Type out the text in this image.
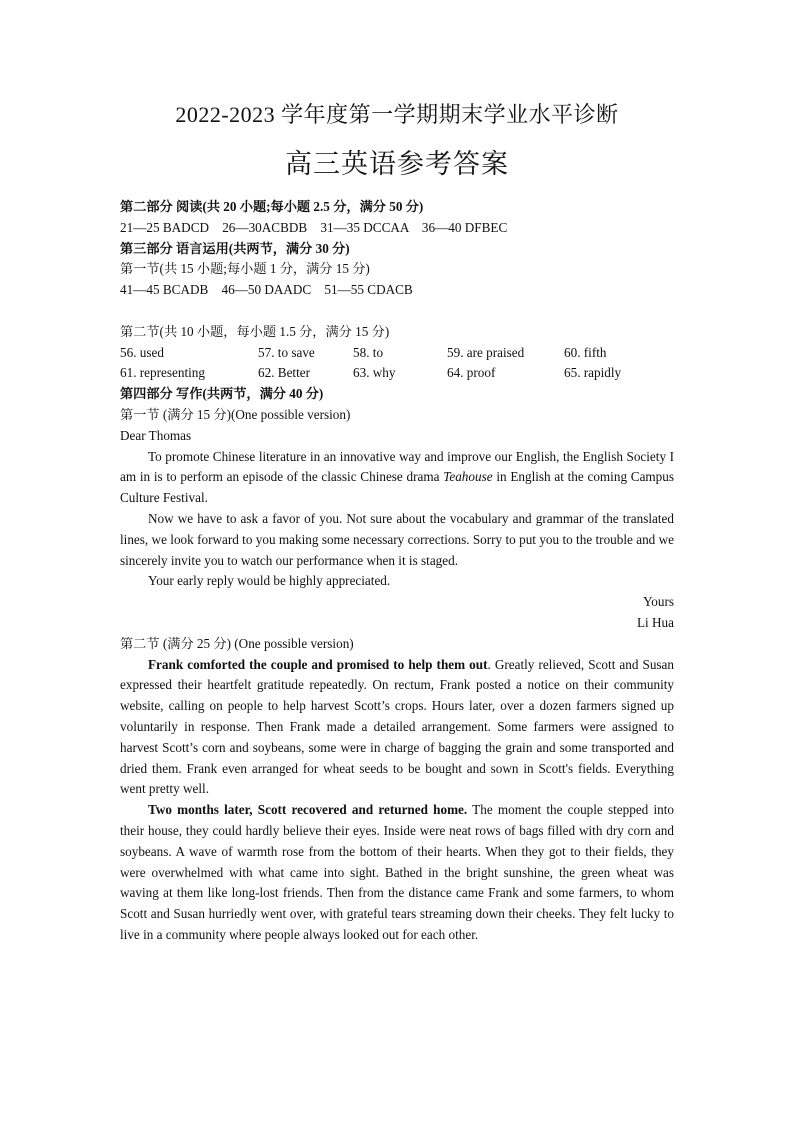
2022-2023 学年度第一学期期末学业水平诊断
高三英语参考答案
第二部分 阅读(共 20 小题;每小题 2.5 分，满分 50 分)
21—25 BADCD    26—30ACBDB    31—35 DCCAA    36—40 DFBEC
第三部分 语言运用(共两节，满分 30 分)
第一节(共 15 小题;每小题 1 分，满分 15 分)
41—45 BCADB    46—50 DAADC    51—55 CDACB
第二节(共 10 小题，每小题 1.5 分，满分 15 分)
56. used	57. to save	58. to	59. are praised	60. fifth
61. representing	62. Better	63. why	64. proof	65. rapidly
第四部分 写作(共两节，满分 40 分)
第一节 (满分 15 分)(One possible version)
Dear Thomas

To promote Chinese literature in an innovative way and improve our English, the English Society I am in is to perform an episode of the classic Chinese drama Teahouse in English at the coming Campus Culture Festival.

Now we have to ask a favor of you. Not sure about the vocabulary and grammar of the translated lines, we look forward to you making some necessary corrections. Sorry to put you to the trouble and we sincerely invite you to watch our performance when it is staged.

Your early reply would be highly appreciated.

Yours
Li Hua
第二节 (满分 25 分) (One possible version)

Frank comforted the couple and promised to help them out. Greatly relieved, Scott and Susan expressed their heartfelt gratitude repeatedly. On rectum, Frank posted a notice on their community website, calling on people to help harvest Scott’s crops. Hours later, over a dozen farmers signed up voluntarily in response. Then Frank made a detailed arrangement. Some farmers were assigned to harvest Scott’s corn and soybeans, some were in charge of bagging the grain and some transported and dried them. Frank even arranged for wheat seeds to be bought and sown in Scott's fields. Everything went pretty well.

Two months later, Scott recovered and returned home. The moment the couple stepped into their house, they could hardly believe their eyes. Inside were neat rows of bags filled with dry corn and soybeans. A wave of warmth rose from the bottom of their hearts. When they got to their fields, they were overwhelmed with what came into sight. Bathed in the bright sunshine, the green wheat was waving at them like long-lost friends. Then from the distance came Frank and some farmers, to whom Scott and Susan hurriedly went over, with grateful tears streaming down their cheeks. They felt lucky to live in a community where people always looked out for each other.
